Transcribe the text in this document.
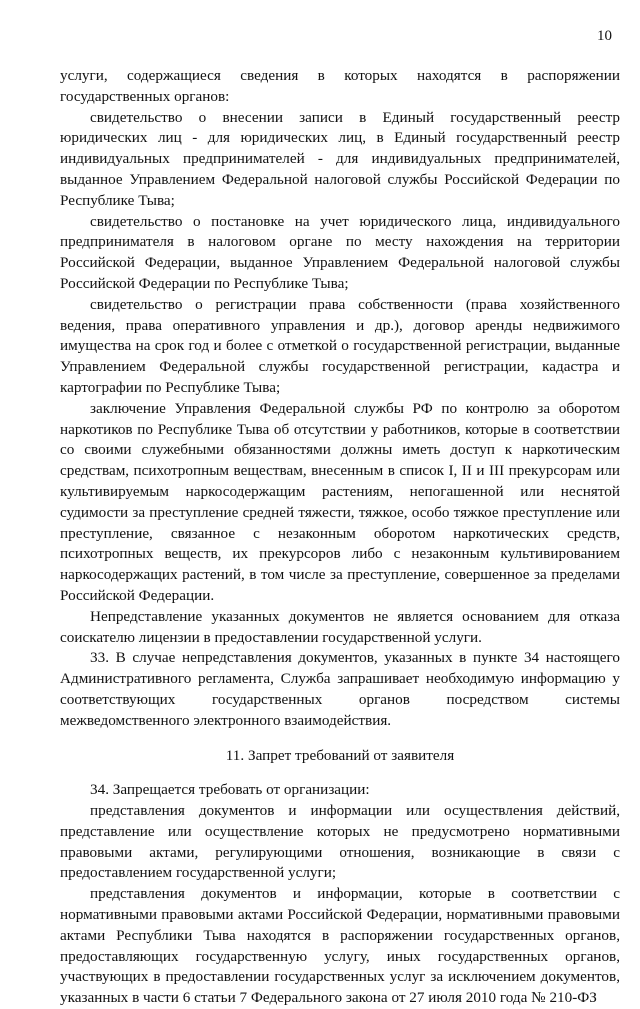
10

услуги, содержащиеся сведения в которых находятся в распоряжении государственных органов:

свидетельство о внесении записи в Единый государственный реестр юридических лиц - для юридических лиц, в Единый государственный реестр индивидуальных предпринимателей - для индивидуальных предпринимателей, выданное Управлением Федеральной налоговой службы Российской Федерации по Республике Тыва;

свидетельство о постановке на учет юридического лица, индивидуального предпринимателя в налоговом органе по месту нахождения на территории Российской Федерации, выданное Управлением Федеральной налоговой службы Российской Федерации по Республике Тыва;

свидетельство о регистрации права собственности (права хозяйственного ведения, права оперативного управления и др.), договор аренды недвижимого имущества на срок год и более с отметкой о государственной регистрации, выданные Управлением Федеральной службы государственной регистрации, кадастра и картографии по Республике Тыва;

заключение Управления Федеральной службы РФ по контролю за оборотом наркотиков по Республике Тыва об отсутствии у работников, которые в соответствии со своими служебными обязанностями должны иметь доступ к наркотическим средствам, психотропным веществам, внесенным в список I, II и III прекурсорам или культивируемым наркосодержащим растениям, непогашенной или неснятой судимости за преступление средней тяжести, тяжкое, особо тяжкое преступление или преступление, связанное с незаконным оборотом наркотических средств, психотропных веществ, их прекурсоров либо с незаконным культивированием наркосодержащих растений, в том числе за преступление, совершенное за пределами Российской Федерации.

Непредставление указанных документов не является основанием для отказа соискателю лицензии в предоставлении государственной услуги.

33. В случае непредставления документов, указанных в пункте 34 настоящего Административного регламента, Служба запрашивает необходимую информацию у соответствующих государственных органов посредством системы межведомственного электронного взаимодействия.

11. Запрет требований от заявителя

34. Запрещается требовать от организации:

представления документов и информации или осуществления действий, представление или осуществление которых не предусмотрено нормативными правовыми актами, регулирующими отношения, возникающие в связи с предоставлением государственной услуги;

представления документов и информации, которые в соответствии с нормативными правовыми актами Российской Федерации, нормативными правовыми актами Республики Тыва находятся в распоряжении государственных органов, предоставляющих государственную услугу, иных государственных органов, участвующих в предоставлении государственных услуг за исключением документов, указанных в части 6 статьи 7 Федерального закона от 27 июля 2010 года № 210-ФЗ
